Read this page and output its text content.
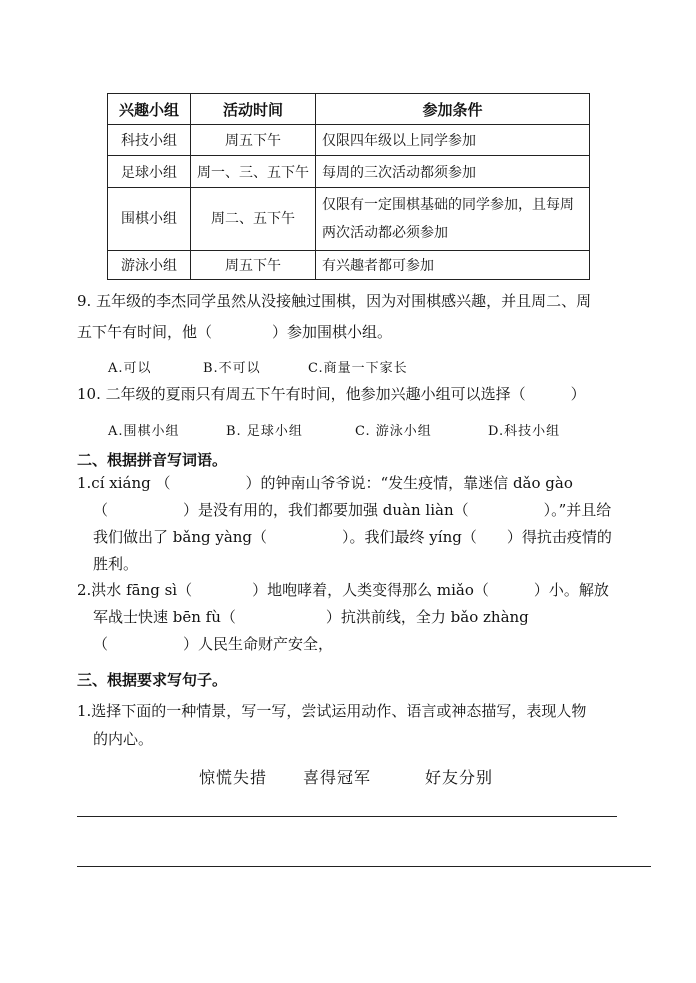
兴趣小组	活动时间	参加条件
科技小组	周五下午	仅限四年级以上同学参加
足球小组	周一、三、五下午	每周的三次活动都须参加
围棋小组	周二、五下午	仅限有一定围棋基础的同学参加，且每周两次活动都必须参加
游泳小组	周五下午	有兴趣者都可参加
9. 五年级的李杰同学虽然从没接触过围棋，因为对围棋感兴趣，并且周二、周
五下午有时间，他（　　　　）参加围棋小组。
A.可以	B.不可以	C.商量一下家长
10. 二年级的夏雨只有周五下午有时间，他参加兴趣小组可以选择（　　　）
A.围棋小组	B. 足球小组	C. 游泳小组	D.科技小组
二、根据拼音写词语。
1.cí xiáng （　　　　　）的钟南山爷爷说：“发生疫情，靠迷信 dǎo gào
（　　　　　）是没有用的，我们都要加强 duàn liàn（　　　　　）。”并且给
我们做出了 bǎng yàng（　　　　　）。我们最终 yíng（　　）得抗击疫情的
胜利。
2.洪水 fāng sì（　　　　）地咆哮着，人类变得那么 miǎo（　　　）小。解放
军战士快速 bēn fù（　　　　　　）抗洪前线，全力 bǎo zhàng
（　　　　　）人民生命财产安全，
三、根据要求写句子。
1.选择下面的一种情景，写一写，尝试运用动作、语言或神态描写，表现人物
的内心。
惊慌失措 喜得冠军	好友分别
